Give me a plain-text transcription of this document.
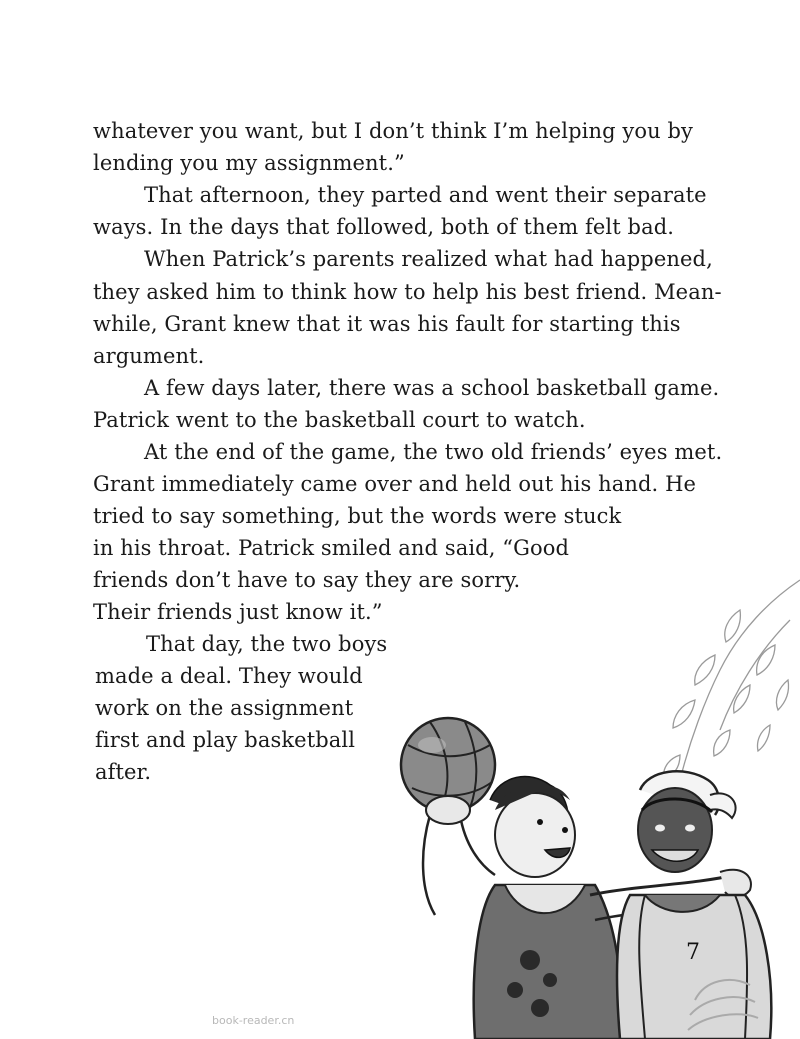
whatever you want, but I don’t think I’m helping you by

lending you my assignment.”

That afternoon, they parted and went their separate

ways. In the days that followed, both of them felt bad.

When Patrick’s parents realized what had happened,

they asked him to think how to help his best friend. Mean-

while, Grant knew that it was his fault for starting this

argument.

A few days later, there was a school basketball game.

Patrick went to the basketball court to watch.

At the end of the game, the two old friends’ eyes met.

Grant immediately came over and held out his hand. He

tried to say something, but the words were stuck

in his throat. Patrick smiled and said, “Good

friends don’t have to say they are sorry.

Their friends just know it.”

That day, the two boys

made a deal. They would

work on the assignment

first and play basketball

after.

7
book-reader.cn
